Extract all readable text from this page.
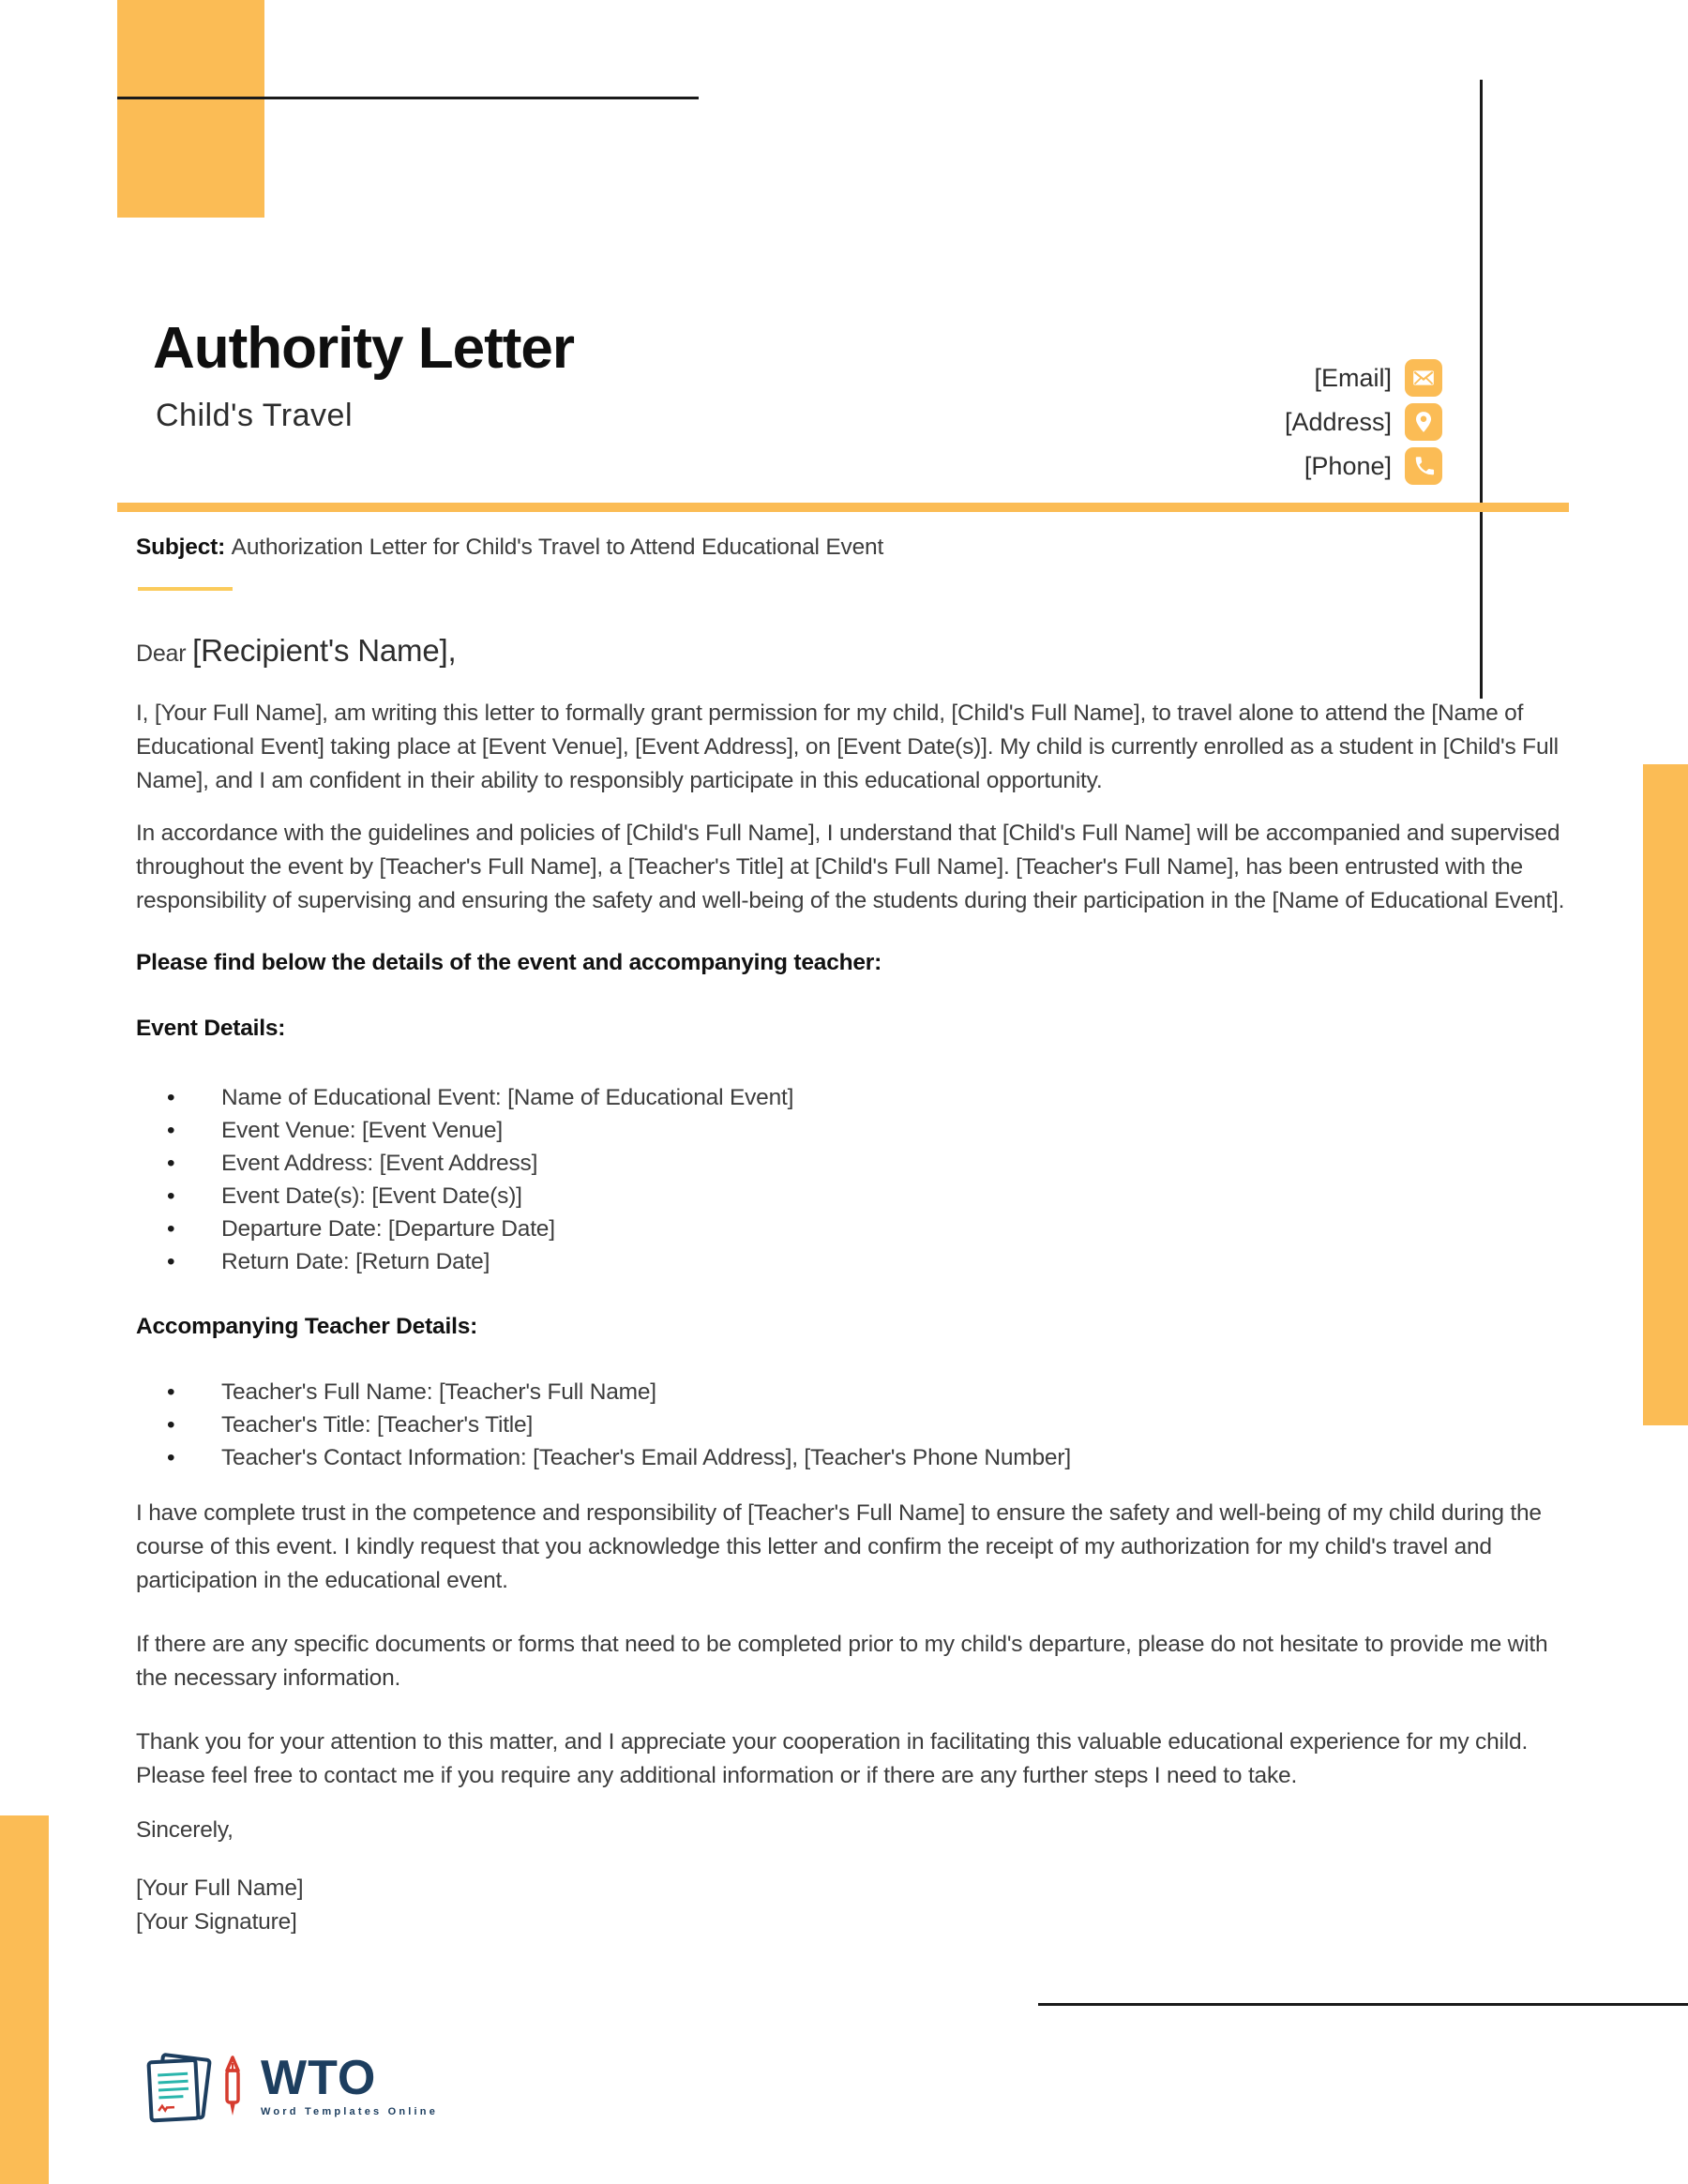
Authority Letter
Child's Travel
[Email]
[Address]
[Phone]

Subject: Authorization Letter for Child's Travel to Attend Educational Event

Dear [Recipient's Name],

I, [Your Full Name], am writing this letter to formally grant permission for my child, [Child's Full Name], to travel alone to attend the [Name of Educational Event] taking place at [Event Venue], [Event Address], on [Event Date(s)]. My child is currently enrolled as a student in [Child's Full Name], and I am confident in their ability to responsibly participate in this educational opportunity.

In accordance with the guidelines and policies of [Child's Full Name], I understand that [Child's Full Name] will be accompanied and supervised throughout the event by [Teacher's Full Name], a [Teacher's Title] at [Child's Full Name]. [Teacher's Full Name], has been entrusted with the responsibility of supervising and ensuring the safety and well-being of the students during their participation in the [Name of Educational Event].

Please find below the details of the event and accompanying teacher:

Event Details:

• Name of Educational Event: [Name of Educational Event]
• Event Venue: [Event Venue]
• Event Address: [Event Address]
• Event Date(s): [Event Date(s)]
• Departure Date: [Departure Date]
• Return Date: [Return Date]

Accompanying Teacher Details:

• Teacher's Full Name: [Teacher's Full Name]
• Teacher's Title: [Teacher's Title]
• Teacher's Contact Information: [Teacher's Email Address], [Teacher's Phone Number]

I have complete trust in the competence and responsibility of [Teacher's Full Name] to ensure the safety and well-being of my child during the course of this event. I kindly request that you acknowledge this letter and confirm the receipt of my authorization for my child's travel and participation in the educational event.

If there are any specific documents or forms that need to be completed prior to my child's departure, please do not hesitate to provide me with the necessary information.

Thank you for your attention to this matter, and I appreciate your cooperation in facilitating this valuable educational experience for my child. Please feel free to contact me if you require any additional information or if there are any further steps I need to take.

Sincerely,

[Your Full Name]
[Your Signature]

WTO
Word Templates Online
